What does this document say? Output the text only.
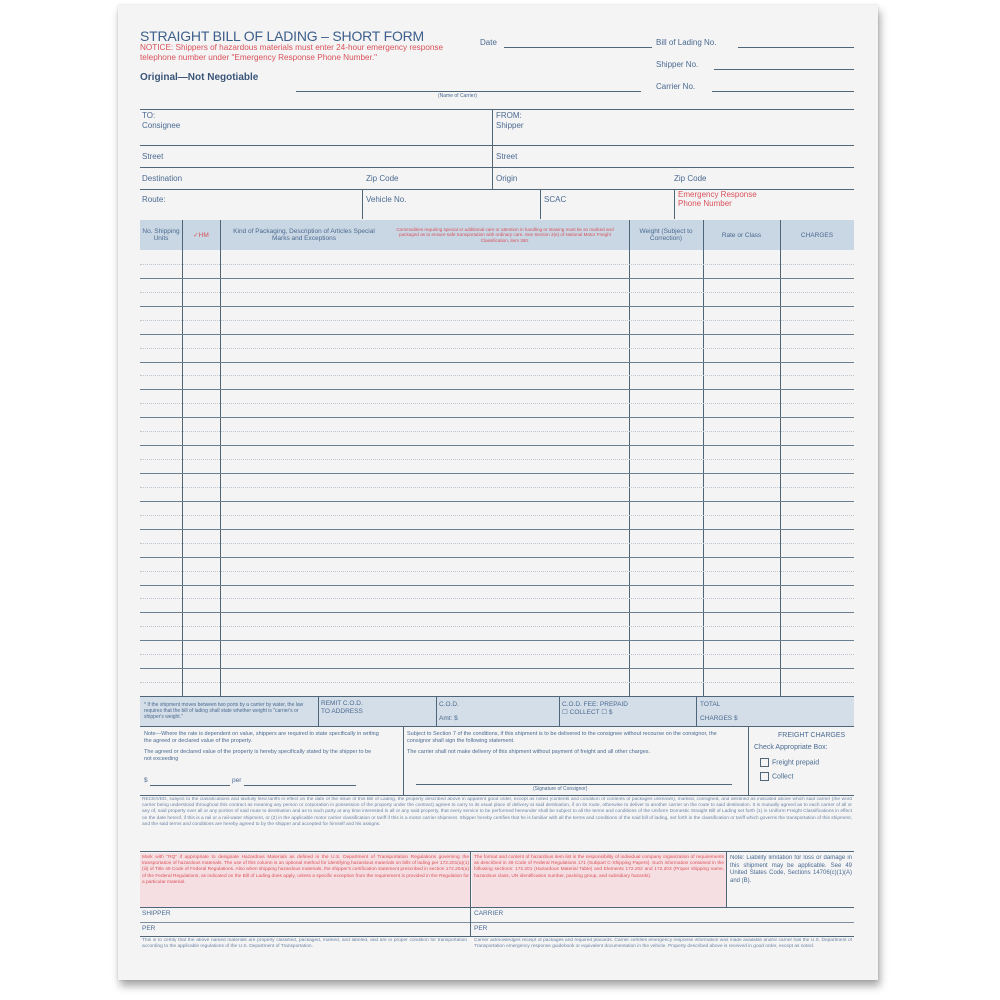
STRAIGHT BILL OF LADING – SHORT FORM
NOTICE: Shippers of hazardous materials must enter 24-hour emergency response telephone number under "Emergency Response Phone Number."
Original—Not Negotiable
(Name of Carrier)
Date	Bill of Lading No.
Shipper No.
Carrier No.
TO:
Consignee
FROM:
Shipper
Street	Street
Destination	Zip Code	Origin	Zip Code
Route:	Vehicle No.	SCAC
Emergency Response Phone Number
No. Shipping Units	✓HM	Kind of Packaging, Description of Articles Special Marks and Exceptions
Commodities requiring special or additional care or attention in handling or stowing must be so marked and packaged as to ensure safe transportation with ordinary care. See Section 2(e) of National Motor Freight Classification, item 360.
Weight (Subject to Correction)	Rate or Class	CHARGES
* If the shipment moves between two ports by a carrier by water, the law requires that the bill of lading shall state whether weight is "carrier's or shipper's weight."
REMIT C.O.D. TO ADDRESS
C.O.D.
Amt: $
C.O.D. FEE: PREPAID ☐ COLLECT ☐ $
TOTAL
CHARGES $
Note—Where the rate is dependent on value, shippers are required to state specifically in writing the agreed or declared value of the property.
The agreed or declared value of the property is hereby specifically stated by the shipper to be not exceeding
$	per
Subject to Section 7 of the conditions, if this shipment is to be delivered to the consignee without recourse on the consignor, the consignor shall sign the following statement.
The carrier shall not make delivery of this shipment without payment of freight and all other charges.
(Signature of Consignor)
FREIGHT CHARGES
Check Appropriate Box:
Freight prepaid
Collect
RECEIVED, subject to the classifications and lawfully filed tariffs in effect on the date of the issue of this Bill of Lading, the property described above in apparent good order, except as noted (contents and condition of contents of packages unknown), marked, consigned, and destined as indicated above which said carrier (the word carrier being understood throughout this contract as meaning any person or corporation in possession of the property under the contract) agrees to carry to its usual place of delivery at said destination, if on its route, otherwise to deliver to another carrier on the route to said destination. It is mutually agreed as to each carrier of all or any of, said property over all or any portion of said route to destination and as to each party at any time interested in all or any said property, that every service to be performed hereunder shall be subject to all the terms and conditions of the Uniform Domestic Straight Bill of Lading set forth (1) in Uniform Freight Classifications in effect on the date hereof, if this is a rail or a rail-water shipment, or (2) in the applicable motor carrier classification or tariff if this is a motor carrier shipment. Shipper hereby certifies that he is familiar with all the terms and conditions of the said bill of lading, set forth in the classification or tariff which governs the transportation of this shipment, and the said terms and conditions are hereby agreed to by the shipper and accepted for himself and his assigns.
Mark with "RQ" if appropriate to designate Hazardous Materials as defined in the U.S. Department of Transportation Regulations governing the transportation of hazardous materials. The use of this column is an optional method for identifying hazardous materials on bills of lading per 172.201(a)(1)(iii) of Title 49 Code of Federal Regulations. Also when shipping hazardous materials, the shipper's certification statement prescribed in section 172.204(a) of the Federal Regulations, as indicated on the Bill of Lading does apply, unless a specific exception from the requirement is provided in the Regulation for a particular material.
The format and content of hazardous item list is the responsibility of individual company organization of requirements as described in 49 Code of Federal Regulations 171 (Subpart C-Shipping Papers). Such information contained in the following sections: 172.201 (Hazardous Material Table) and Elements 172.202 and 172.203 (Proper shipping name, hazardous class, UN identification number, packing group, and subsidiary hazards).
Note: Liability limitation for loss or damage in this shipment may be applicable. See 49 United States Code, Sections 14706(c)(1)(A) and (B).
SHIPPER	CARRIER
PER	PER
This is to certify that the above named materials are properly classified, packaged, marked, and labeled, and are in proper condition for transportation according to the applicable regulations of the U.S. Department of Transportation.
Carrier acknowledges receipt of packages and required placards. Carrier certifies emergency response information was made available and/or carrier has the U.S. Department of Transportation emergency response guidebook or equivalent documentation in the vehicle. Property described above is received in good order, except as noted.
